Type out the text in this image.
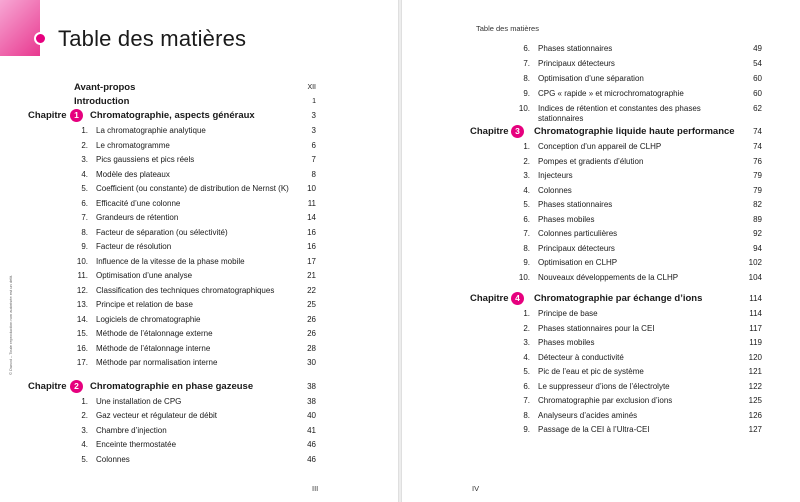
Table des matières
© Dunod – Toute reproduction non autorisée est un délit.
Avant-propos	XII
Introduction	1
Chapitre 1	Chromatographie, aspects généraux	3
1. La chromatographie analytique	3
2. Le chromatogramme	6
3. Pics gaussiens et pics réels	7
4. Modèle des plateaux	8
5. Coefficient (ou constante) de distribution de Nernst (K)	10
6. Efficacité d’une colonne	11
7. Grandeurs de rétention	14
8. Facteur de séparation (ou sélectivité)	16
9. Facteur de résolution	16
10. Influence de la vitesse de la phase mobile	17
11. Optimisation d’une analyse	21
12. Classification des techniques chromatographiques	22
13. Principe et relation de base	25
14. Logiciels de chromatographie	26
15. Méthode de l’étalonnage externe	26
16. Méthode de l’étalonnage interne	28
17. Méthode par normalisation interne	30
Chapitre 2	Chromatographie en phase gazeuse	38
1. Une installation de CPG	38
2. Gaz vecteur et régulateur de débit	40
3. Chambre d’injection	41
4. Enceinte thermostatée	46
5. Colonnes	46
III
Table des matières
6. Phases stationnaires	49
7. Principaux détecteurs	54
8. Optimisation d’une séparation	60
9. CPG « rapide » et microchromatographie	60
10. Indices de rétention et constantes des phases	62
stationnaires
Chapitre 3	Chromatographie liquide haute performance	74
1. Conception d’un appareil de CLHP	74
2. Pompes et gradients d’élution	76
3. Injecteurs	79
4. Colonnes	79
5. Phases stationnaires	82
6. Phases mobiles	89
7. Colonnes particulières	92
8. Principaux détecteurs	94
9. Optimisation en CLHP	102
10. Nouveaux développements de la CLHP	104
Chapitre 4	Chromatographie par échange d’ions	114
1. Principe de base	114
2. Phases stationnaires pour la CEI	117
3. Phases mobiles	119
4. Détecteur à conductivité	120
5. Pic de l’eau et pic de système	121
6. Le suppresseur d’ions de l’électrolyte	122
7. Chromatographie par exclusion d’ions	125
8. Analyseurs d’acides aminés	126
9. Passage de la CEI à l’Ultra-CEI	127
IV
